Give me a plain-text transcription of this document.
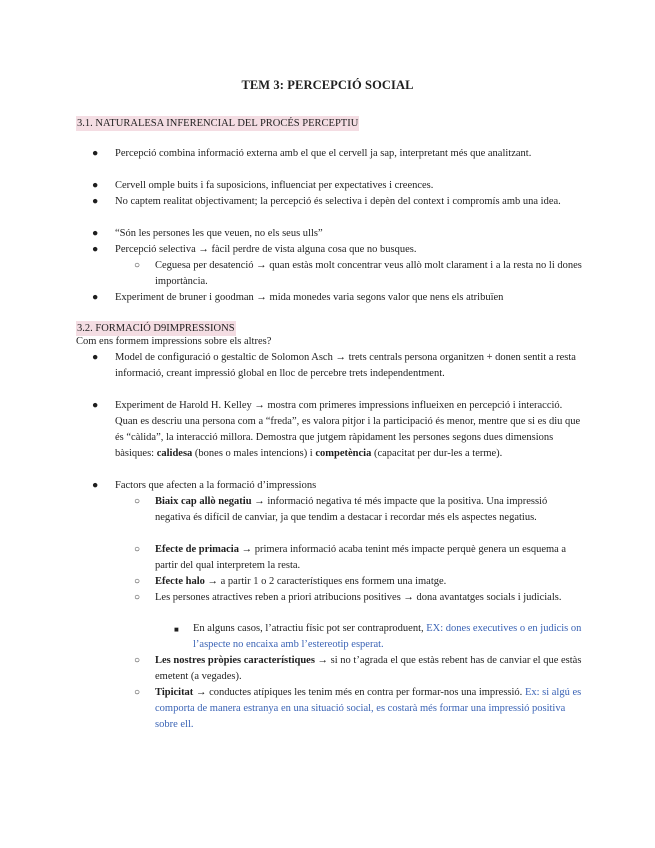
TEM 3: PERCEPCIÓ SOCIAL
3.1. NATURALESA INFERENCIAL DEL PROCÉS PERCEPTIU
● Percepció combina informació externa amb el que el cervell ja sap, interpretant més que analitzant.
● Cervell omple buits i fa suposicions, influenciat per expectatives i creences.
● No captem realitat objectivament; la percepció és selectiva i depèn del context i compromís amb una idea.
● “Són les persones les que veuen, no els seus ulls”
● Percepció selectiva → fàcil perdre de vista alguna cosa que no busques.
○ Ceguesa per desatenció → quan estàs molt concentrar veus allò molt clarament i a la resta no li dones importància.
● Experiment de bruner i goodman → mida monedes varia segons valor que nens els atribuïen
3.2. FORMACIÓ D9IMPRESSIONS
Com ens formem impressions sobre els altres?
● Model de configuració o gestaltic de Solomon Asch → trets centrals persona organitzen + donen sentit a resta informació, creant impressió global en lloc de percebre trets independentment.
● Experiment de Harold H. Kelley → mostra com primeres impressions influeixen en percepció i interacció. Quan es descriu una persona com a “freda”, es valora pitjor i la participació és menor, mentre que si es diu que és “càlida”, la interacció millora. Demostra que jutgem ràpidament les persones segons dues dimensions bàsiques: calidesa (bones o males intencions) i competència (capacitat per dur-les a terme).
● Factors que afecten a la formació d’impressions
○ Biaix cap allò negatiu → informació negativa té més impacte que la positiva. Una impressió negativa és difícil de canviar, ja que tendim a destacar i recordar més els aspectes negatius.
○ Efecte de primacia → primera informació acaba tenint més impacte perquè genera un esquema a partir del qual interpretem la resta.
○ Efecte halo → a partir 1 o 2 característiques ens formem una imatge.
○ Les persones atractives reben a priori atribucions positives → dona avantatges socials i judicials.
■ En alguns casos, l’atractiu físic pot ser contraproduent, EX: dones executives o en judicis on l’aspecte no encaixa amb l’estereotip esperat.
○ Les nostres pròpies característiques → si no t’agrada el que estàs rebent has de canviar el que estàs emetent (a vegades).
○ Tipicitat → conductes atípiques les tenim més en contra per formar-nos una impressió. Ex: si algú es comporta de manera estranya en una situació social, es costarà més formar una impressió positiva sobre ell.
